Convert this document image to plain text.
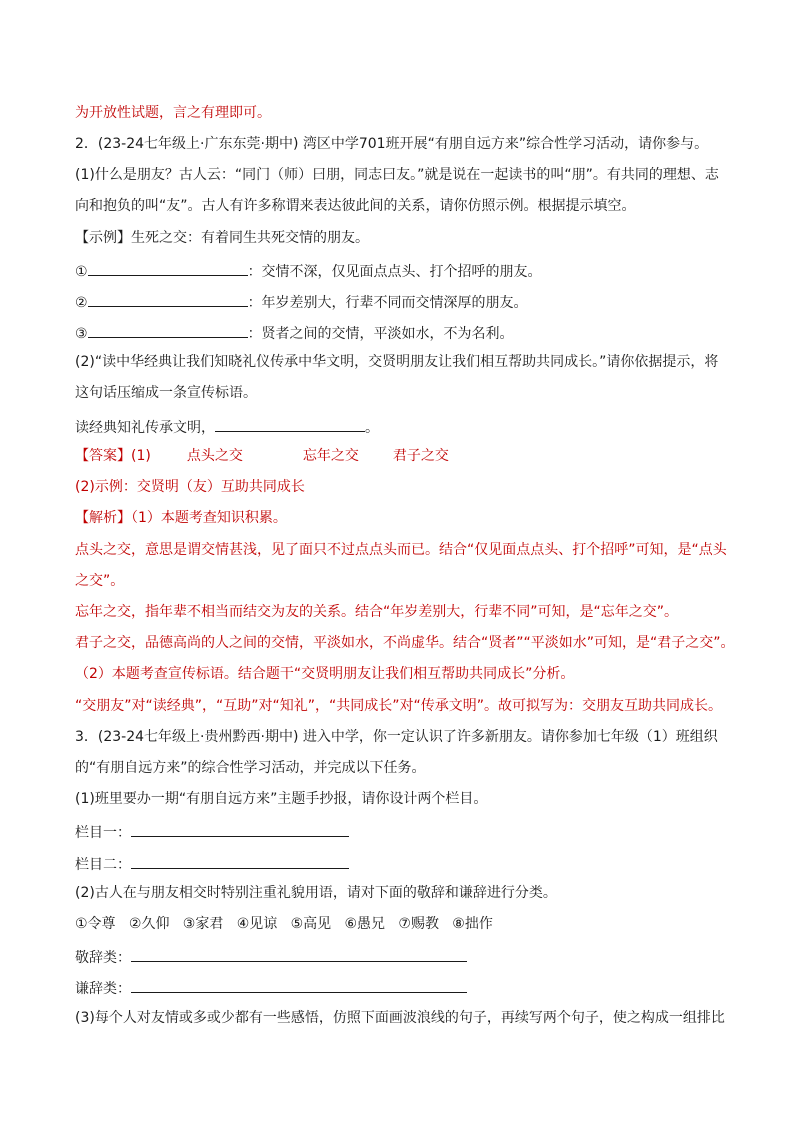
为开放性试题，言之有理即可。
2．(23-24七年级上·广东东莞·期中) 湾区中学701班开展“有朋自远方来”综合性学习活动，请你参与。
(1)什么是朋友？古人云：“同门（师）曰朋，同志曰友。”就是说在一起读书的叫“朋”。有共同的理想、志
向和抱负的叫“友”。古人有许多称谓来表达彼此间的关系，请你仿照示例。根据提示填空。
【示例】生死之交：有着同生共死交情的朋友。
①	：交情不深，仅见面点点头、打个招呼的朋友。
②	：年岁差别大，行辈不同而交情深厚的朋友。
③	：贤者之间的交情，平淡如水，不为名利。
(2)“读中华经典让我们知晓礼仪传承中华文明，交贤明朋友让我们相互帮助共同成长。”请你依据提示，将
这句话压缩成一条宣传标语。
读经典知礼传承文明，	。
【答案】(1)	点头之交	忘年之交 君子之交
(2)示例：交贤明（友）互助共同成长
【解析】（1）本题考查知识积累。
点头之交，意思是谓交情甚浅，见了面只不过点点头而已。结合“仅见面点点头、打个招呼”可知，是“点头
之交”。
忘年之交，指年辈不相当而结交为友的关系。结合“年岁差别大，行辈不同”可知，是“忘年之交”。
君子之交，品德高尚的人之间的交情，平淡如水，不尚虚华。结合“贤者”“平淡如水”可知，是“君子之交”。
（2）本题考查宣传标语。结合题干“交贤明朋友让我们相互帮助共同成长”分析。
“交朋友”对“读经典”，“互助”对“知礼”，“共同成长”对“传承文明”。故可拟写为：交朋友互助共同成长。
3．(23-24七年级上·贵州黔西·期中) 进入中学，你一定认识了许多新朋友。请你参加七年级（1）班组织
的“有朋自远方来”的综合性学习活动，并完成以下任务。
(1)班里要办一期“有朋自远方来”主题手抄报，请你设计两个栏目。
栏目一：
栏目二：
(2)古人在与朋友相交时特别注重礼貌用语，请对下面的敬辞和谦辞进行分类。
①令尊   ②久仰   ③家君   ④见谅   ⑤高见   ⑥愚兄   ⑦赐教   ⑧拙作
敬辞类：
谦辞类：
(3)每个人对友情或多或少都有一些感悟，仿照下面画波浪线的句子，再续写两个句子，使之构成一组排比
